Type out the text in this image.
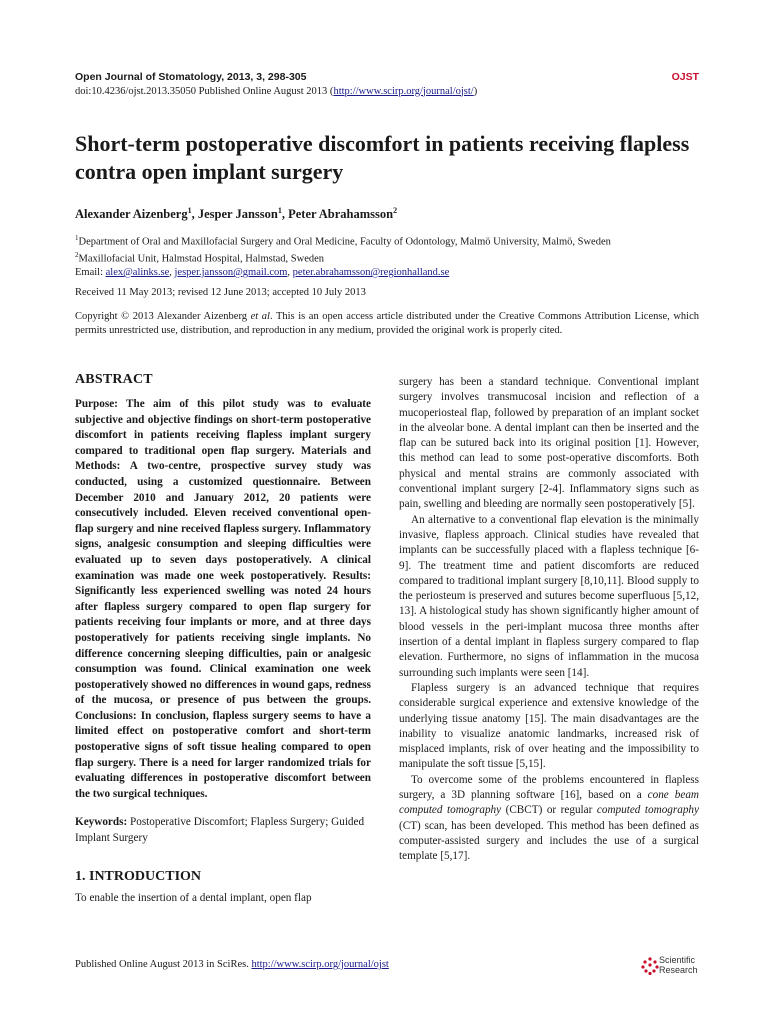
Open Journal of Stomatology, 2013, 3, 298-305	OJST
doi:10.4236/ojst.2013.35050 Published Online August 2013 (http://www.scirp.org/journal/ojst/)
Short-term postoperative discomfort in patients receiving flapless contra open implant surgery
Alexander Aizenberg$^1$, Jesper Jansson$^1$, Peter Abrahamsson$^2$
$^1$Department of Oral and Maxillofacial Surgery and Oral Medicine, Faculty of Odontology, Malmö University, Malmö, Sweden
$^2$Maxillofacial Unit, Halmstad Hospital, Halmstad, Sweden
Email: alex@alinks.se, jesper.jansson@gmail.com, peter.abrahamsson@regionhalland.se
Received 11 May 2013; revised 12 June 2013; accepted 10 July 2013
Copyright © 2013 Alexander Aizenberg et al. This is an open access article distributed under the Creative Commons Attribution License, which permits unrestricted use, distribution, and reproduction in any medium, provided the original work is properly cited.
ABSTRACT
Purpose: The aim of this pilot study was to evaluate subjective and objective findings on short-term postoperative discomfort in patients receiving flapless implant surgery compared to traditional open flap surgery. Materials and Methods: A two-centre, prospective survey study was conducted, using a customized questionnaire. Between December 2010 and January 2012, 20 patients were consecutively included. Eleven received conventional open-flap surgery and nine received flapless surgery. Inflammatory signs, analgesic consumption and sleeping difficulties were evaluated up to seven days postoperatively. A clinical examination was made one week postoperatively. Results: Significantly less experienced swelling was noted 24 hours after flapless surgery compared to open flap surgery for patients receiving four implants or more, and at three days postoperatively for patients receiving single implants. No difference concerning sleeping difficulties, pain or analgesic consumption was found. Clinical examination one week postoperatively showed no differences in wound gaps, redness of the mucosa, or presence of pus between the groups. Conclusions: In conclusion, flapless surgery seems to have a limited effect on postoperative comfort and short-term postoperative signs of soft tissue healing compared to open flap surgery. There is a need for larger randomized trials for evaluating differences in postoperative discomfort between the two surgical techniques.
Keywords: Postoperative Discomfort; Flapless Surgery; Guided Implant Surgery
1. INTRODUCTION
To enable the insertion of a dental implant, open flap

surgery has been a standard technique. Conventional implant surgery involves transmucosal incision and reflection of a mucoperiosteal flap, followed by preparation of an implant socket in the alveolar bone. A dental implant can then be inserted and the flap can be sutured back into its original position [1]. However, this method can lead to some post-operative discomforts. Both physical and mental strains are commonly associated with conventional implant surgery [2-4]. Inflammatory signs such as pain, swelling and bleeding are normally seen postoperatively [5].

An alternative to a conventional flap elevation is the minimally invasive, flapless approach. Clinical studies have revealed that implants can be successfully placed with a flapless technique [6-9]. The treatment time and patient discomforts are reduced compared to traditional implant surgery [8,10,11]. Blood supply to the periosteum is preserved and sutures become superfluous [5,12, 13]. A histological study has shown significantly higher amount of blood vessels in the peri-implant mucosa three months after insertion of a dental implant in flapless surgery compared to flap elevation. Furthermore, no signs of inflammation in the mucosa surrounding such implants were seen [14].

Flapless surgery is an advanced technique that requires considerable surgical experience and extensive knowledge of the underlying tissue anatomy [15]. The main disadvantages are the inability to visualize anatomic landmarks, increased risk of misplaced implants, risk of over heating and the impossibility to manipulate the soft tissue [5,15].

To overcome some of the problems encountered in flapless surgery, a 3D planning software [16], based on a cone beam computed tomography (CBCT) or regular computed tomography (CT) scan, has been developed. This method has been defined as computer-assisted surgery and includes the use of a surgical template [5,17].

Published Online August 2013 in SciRes. http://www.scirp.org/journal/ojst	Scientific
Research
